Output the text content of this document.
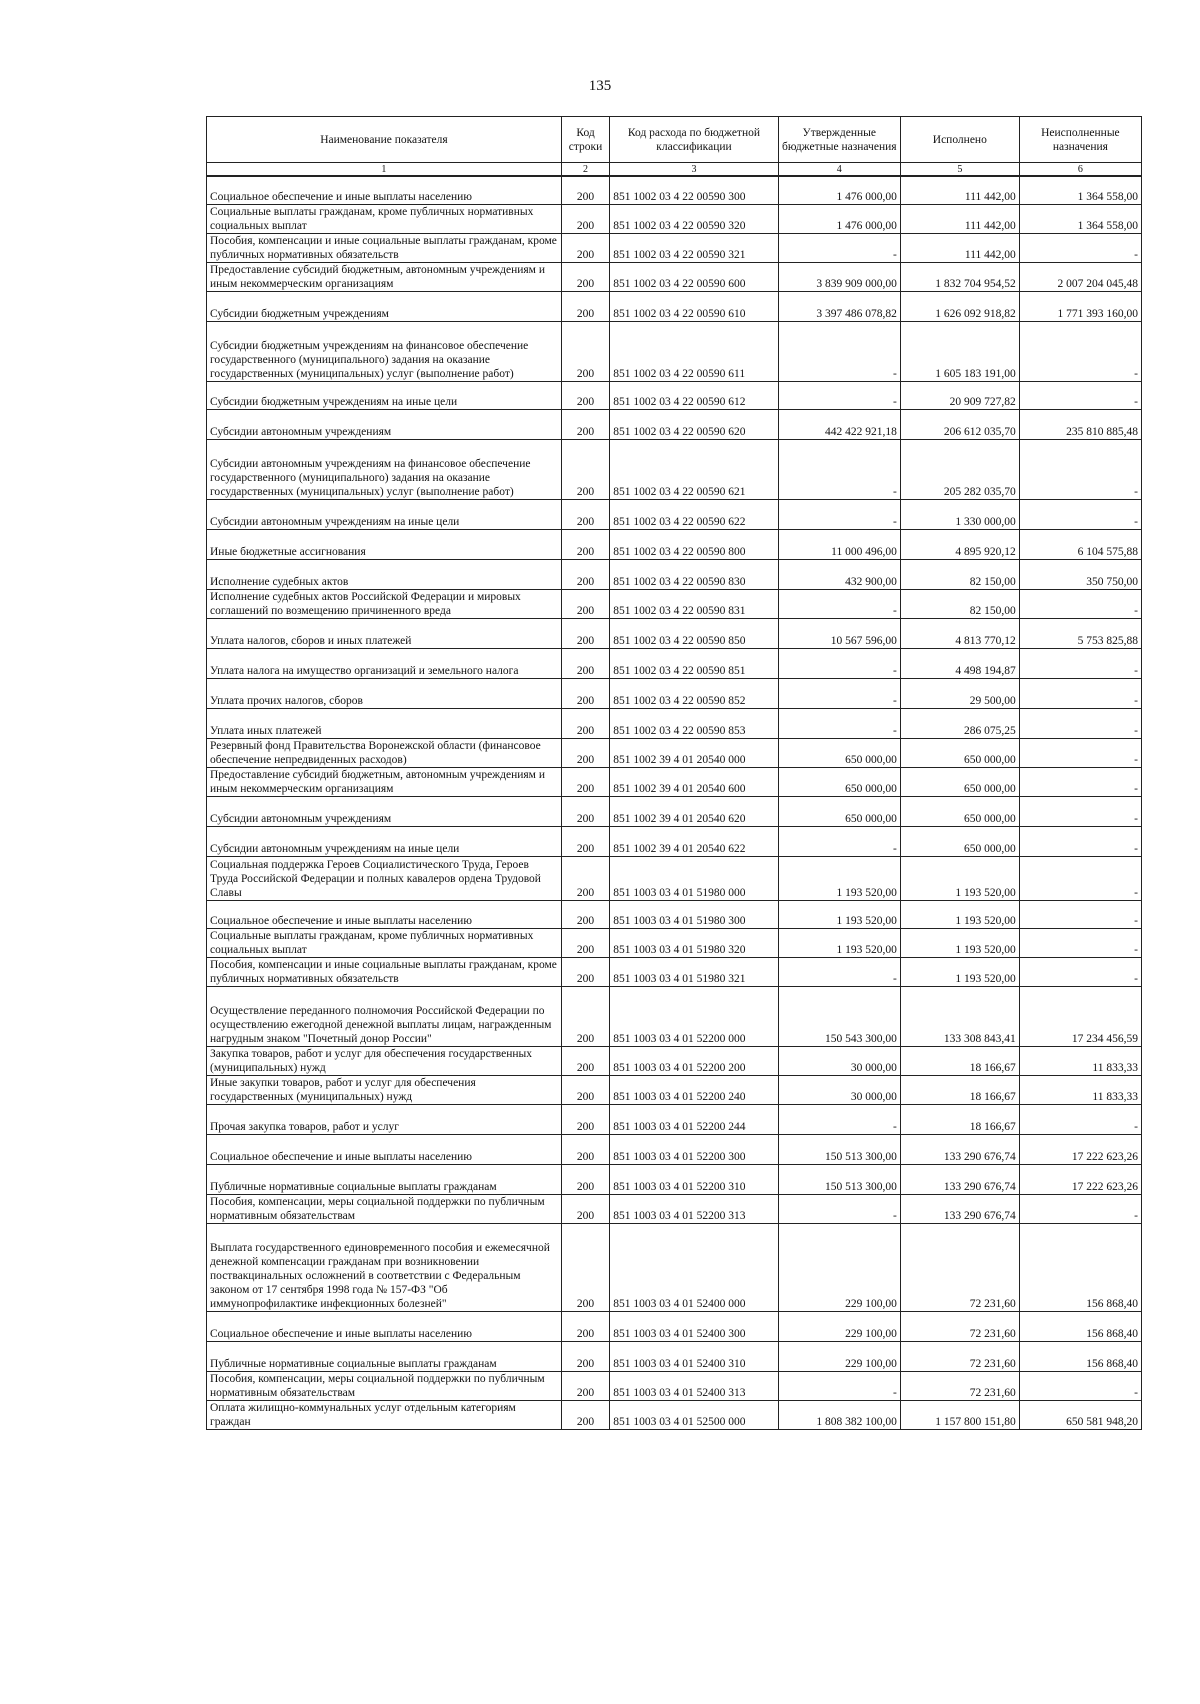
135
Наименование показателя	Код строки	Код расхода по бюджетной классификации	Утвержденные бюджетные назначения	Исполнено	Неисполненные назначения
1	2	3	4	5	6
Социальное обеспечение и иные выплаты населению	200	851 1002 03 4 22 00590 300	1 476 000,00	111 442,00	1 364 558,00
Социальные выплаты гражданам, кроме публичных нормативных социальных выплат	200	851 1002 03 4 22 00590 320	1 476 000,00	111 442,00	1 364 558,00
Пособия, компенсации и иные социальные выплаты гражданам, кроме публичных нормативных обязательств	200	851 1002 03 4 22 00590 321	-	111 442,00	-
Предоставление субсидий бюджетным, автономным учреждениям и иным некоммерческим организациям	200	851 1002 03 4 22 00590 600	3 839 909 000,00	1 832 704 954,52	2 007 204 045,48
Субсидии бюджетным учреждениям	200	851 1002 03 4 22 00590 610	3 397 486 078,82	1 626 092 918,82	1 771 393 160,00
Субсидии бюджетным учреждениям на финансовое обеспечение государственного (муниципального) задания на оказание государственных (муниципальных) услуг (выполнение работ)	200	851 1002 03 4 22 00590 611	-	1 605 183 191,00	-
Субсидии бюджетным учреждениям на иные цели	200	851 1002 03 4 22 00590 612	-	20 909 727,82	-
Субсидии автономным учреждениям	200	851 1002 03 4 22 00590 620	442 422 921,18	206 612 035,70	235 810 885,48
Субсидии автономным учреждениям на финансовое обеспечение государственного (муниципального) задания на оказание государственных (муниципальных) услуг (выполнение работ)	200	851 1002 03 4 22 00590 621	-	205 282 035,70	-
Субсидии автономным учреждениям на иные цели	200	851 1002 03 4 22 00590 622	-	1 330 000,00	-
Иные бюджетные ассигнования	200	851 1002 03 4 22 00590 800	11 000 496,00	4 895 920,12	6 104 575,88
Исполнение судебных актов	200	851 1002 03 4 22 00590 830	432 900,00	82 150,00	350 750,00
Исполнение судебных актов Российской Федерации и мировых соглашений по возмещению причиненного вреда	200	851 1002 03 4 22 00590 831	-	82 150,00	-
Уплата налогов, сборов и иных платежей	200	851 1002 03 4 22 00590 850	10 567 596,00	4 813 770,12	5 753 825,88
Уплата налога на имущество организаций и земельного налога	200	851 1002 03 4 22 00590 851	-	4 498 194,87	-
Уплата прочих налогов, сборов	200	851 1002 03 4 22 00590 852	-	29 500,00	-
Уплата иных платежей	200	851 1002 03 4 22 00590 853	-	286 075,25	-
Резервный фонд Правительства Воронежской области (финансовое обеспечение непредвиденных расходов)	200	851 1002 39 4 01 20540 000	650 000,00	650 000,00	-
Предоставление субсидий бюджетным, автономным учреждениям и иным некоммерческим организациям	200	851 1002 39 4 01 20540 600	650 000,00	650 000,00	-
Субсидии автономным учреждениям	200	851 1002 39 4 01 20540 620	650 000,00	650 000,00	-
Субсидии автономным учреждениям на иные цели	200	851 1002 39 4 01 20540 622	-	650 000,00	-
Социальная поддержка Героев Социалистического Труда, Героев Труда Российской Федерации и полных кавалеров ордена Трудовой Славы	200	851 1003 03 4 01 51980 000	1 193 520,00	1 193 520,00	-
Социальное обеспечение и иные выплаты населению	200	851 1003 03 4 01 51980 300	1 193 520,00	1 193 520,00	-
Социальные выплаты гражданам, кроме публичных нормативных социальных выплат	200	851 1003 03 4 01 51980 320	1 193 520,00	1 193 520,00	-
Пособия, компенсации и иные социальные выплаты гражданам, кроме публичных нормативных обязательств	200	851 1003 03 4 01 51980 321	-	1 193 520,00	-
Осуществление переданного полномочия Российской Федерации по осуществлению ежегодной денежной выплаты лицам, награжденным нагрудным знаком "Почетный донор России"	200	851 1003 03 4 01 52200 000	150 543 300,00	133 308 843,41	17 234 456,59
Закупка товаров, работ и услуг для обеспечения государственных (муниципальных) нужд	200	851 1003 03 4 01 52200 200	30 000,00	18 166,67	11 833,33
Иные закупки товаров, работ и услуг для обеспечения государственных (муниципальных) нужд	200	851 1003 03 4 01 52200 240	30 000,00	18 166,67	11 833,33
Прочая закупка товаров, работ и услуг	200	851 1003 03 4 01 52200 244	-	18 166,67	-
Социальное обеспечение и иные выплаты населению	200	851 1003 03 4 01 52200 300	150 513 300,00	133 290 676,74	17 222 623,26
Публичные нормативные социальные выплаты гражданам	200	851 1003 03 4 01 52200 310	150 513 300,00	133 290 676,74	17 222 623,26
Пособия, компенсации, меры социальной поддержки по публичным нормативным обязательствам	200	851 1003 03 4 01 52200 313	-	133 290 676,74	-
Выплата государственного единовременного пособия и ежемесячной денежной компенсации гражданам при возникновении поствакцинальных осложнений в соответствии с Федеральным законом от 17 сентября 1998 года № 157-ФЗ "Об иммунопрофилактике инфекционных болезней"	200	851 1003 03 4 01 52400 000	229 100,00	72 231,60	156 868,40
Социальное обеспечение и иные выплаты населению	200	851 1003 03 4 01 52400 300	229 100,00	72 231,60	156 868,40
Публичные нормативные социальные выплаты гражданам	200	851 1003 03 4 01 52400 310	229 100,00	72 231,60	156 868,40
Пособия, компенсации, меры социальной поддержки по публичным нормативным обязательствам	200	851 1003 03 4 01 52400 313	-	72 231,60	-
Оплата жилищно-коммунальных услуг отдельным категориям граждан	200	851 1003 03 4 01 52500 000	1 808 382 100,00	1 157 800 151,80	650 581 948,20
